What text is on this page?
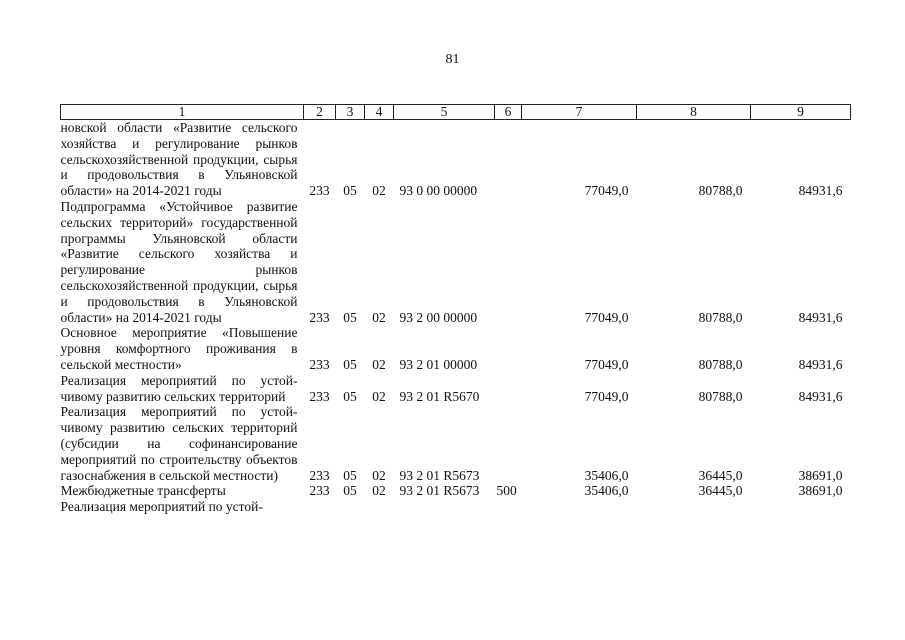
81
1	2	3	4	5	6	7	8	9
новской области «Развитие сельского хозяйства и регулирование рынков сельскохозяйственной продукции, сырья и продовольствия в Ульяновской области» на 2014-2021 годы	233	05	02	93 0 00 00000		77049,0	80788,0	84931,6
Подпрограмма «Устойчивое развитие сельских территорий» государственной программы Ульяновской области «Развитие сельского хозяйства и регулирование рынков сельскохозяйственной продукции, сырья и продовольствия в Ульяновской области» на 2014-2021 годы	233	05	02	93 2 00 00000		77049,0	80788,0	84931,6
Основное мероприятие «Повышение уровня комфортного проживания в сельской местности»	233	05	02	93 2 01 00000		77049,0	80788,0	84931,6
Реализация мероприятий по устойчивому развитию сельских территорий	233	05	02	93 2 01 R5670		77049,0	80788,0	84931,6
Реализация мероприятий по устойчивому развитию сельских территорий (субсидии на софинансирование мероприятий по строительству объектов газоснабжения в сельской местности)	233	05	02	93 2 01 R5673		35406,0	36445,0	38691,0
Межбюджетные трансферты	233	05	02	93 2 01 R5673	500	35406,0	36445,0	38691,0
Реализация мероприятий по устой-								
